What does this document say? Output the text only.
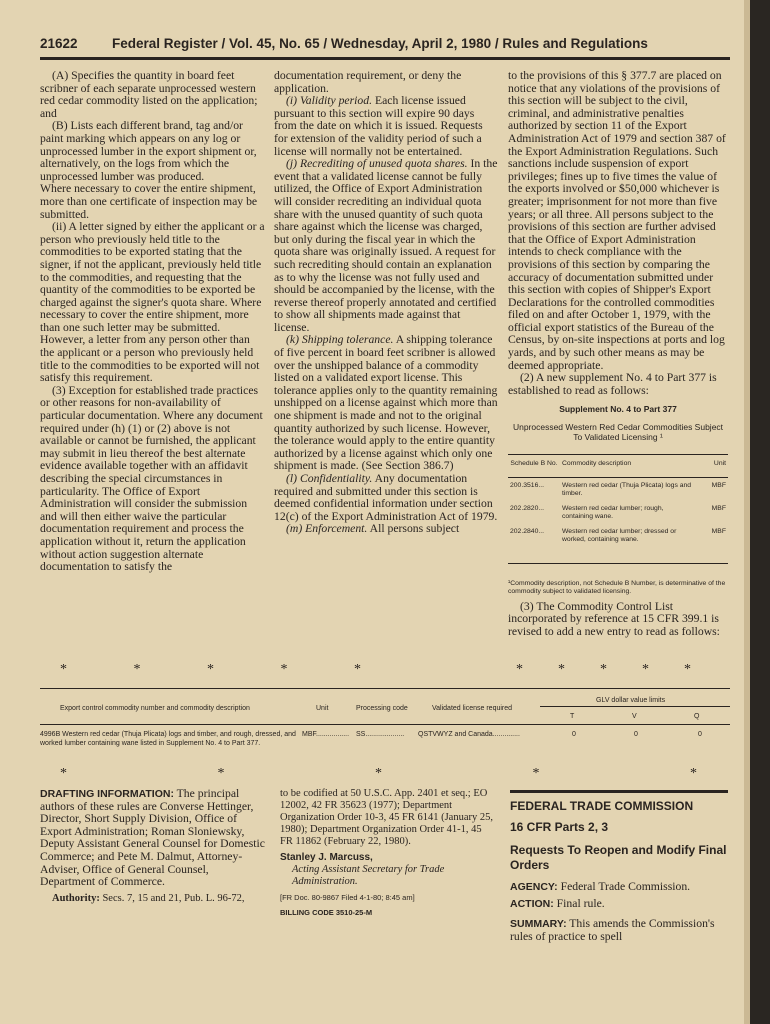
21622	Federal Register / Vol. 45, No. 65 / Wednesday, April 2, 1980 / Rules and Regulations

(A) Specifies the quantity in board feet scribner of each separate unprocessed western red cedar commodity listed on the application; and

(B) Lists each different brand, tag and/or paint marking which appears on any log or unprocessed lumber in the export shipment or, alternatively, on the logs from which the unprocessed lumber was produced.

Where necessary to cover the entire shipment, more than one certificate of inspection may be submitted.

(ii) A letter signed by either the applicant or a person who previously held title to the commodities to be exported stating that the signer, if not the applicant, previously held title to the commodities, and requesting that the quantity of the commodities to be exported be charged against the signer's quota share. Where necessary to cover the entire shipment, more than one such letter may be submitted. However, a letter from any person other than the applicant or a person who previously held title to the commodities to be exported will not satisfy this requirement.

(3) Exception for established trade practices or other reasons for non-availability of particular documentation. Where any document required under (h) (1) or (2) above is not available or cannot be furnished, the applicant may submit in lieu thereof the best alternate evidence available together with an affidavit describing the special circumstances in particularity. The Office of Export Administration will consider the submission and will then either waive the particular documentation requirement and process the application without it, return the application without action suggestion alternate documentation to satisfy the

documentation requirement, or deny the application.

(i) Validity period. Each license issued pursuant to this section will expire 90 days from the date on which it is issued. Requests for extension of the validity period of such a license will normally not be entertained.

(j) Recrediting of unused quota shares. In the event that a validated license cannot be fully utilized, the Office of Export Administration will consider recrediting an individual quota share with the unused quantity of such quota share against which the license was charged, but only during the fiscal year in which the quota share was originally issued. A request for such recrediting should contain an explanation as to why the license was not fully used and should be accompanied by the license, with the reverse thereof properly annotated and certified to show all shipments made against that license.

(k) Shipping tolerance. A shipping tolerance of five percent in board feet scribner is allowed over the unshipped balance of a commodity listed on a validated export license. This tolerance applies only to the quantity remaining unshipped on a license against which more than one shipment is made and not to the original quantity authorized by such license. However, the tolerance would apply to the entire quantity authorized by a license against which only one shipment is made. (See Section 386.7)

(l) Confidentiality. Any documentation required and submitted under this section is deemed confidential information under section 12(c) of the Export Administration Act of 1979.

(m) Enforcement. All persons subject

to the provisions of this § 377.7 are placed on notice that any violations of the provisions of this section will be subject to the civil, criminal, and administrative penalties authorized by section 11 of the Export Administration Act of 1979 and section 387 of the Export Administration Regulations. Such sanctions include suspension of export privileges; fines up to five times the value of the exports involved or $50,000 whichever is greater; imprisonment for not more than five years; or all three. All persons subject to the provisions of this section are further advised that the Office of Export Administration intends to check compliance with the provisions of this section by comparing the accuracy of documentation submitted under this section with copies of Shipper's Export Declarations for the controlled commodities filed on and after October 1, 1979, with the official export statistics of the Bureau of the Census, by on-site inspections at ports and log yards, and by such other means as may be deemed appropriate.

(2) A new supplement No. 4 to Part 377 is established to read as follows:

Supplement No. 4 to Part 377
Unprocessed Western Red Cedar Commodities Subject To Validated Licensing ¹
Schedule B No.	Commodity description	Unit
200.3516...	Western red cedar (Thuja Plicata) logs and timber.	MBF
202.2820...	Western red cedar lumber; rough, containing wane.	MBF
202.2840...	Western red cedar lumber; dressed or worked, containing wane.	MBF
¹Commodity description, not Schedule B Number, is determinative of the commodity subject to validated licensing.

(3) The Commodity Control List incorporated by reference at 15 CFR 399.1 is revised to add a new entry to read as follows:

*                   *                   *                   *                   *	*          *          *          *          *
Export control commodity number and commodity description	Unit	Processing code	Validated license required
GLV dollar value limits
T	V	Q
4996B Western red cedar (Thuja Plicata) logs and timber, and rough, dressed, and worked lumber containing wane listed in Supplement No. 4 to Part 377.
MBF................. SS.................... QSTVWYZ and Canada..............	0	0	0
*                                           *                                           *                                           *                                           *

DRAFTING INFORMATION: The principal authors of these rules are Converse Hettinger, Director, Short Supply Division, Office of Export Administration; Roman Sloniewsky, Deputy Assistant General Counsel for Domestic Commerce; and Pete M. Dalmut, Attorney-Adviser, Office of General Counsel, Department of Commerce.

Authority: Secs. 7, 15 and 21, Pub. L. 96-72,

to be codified at 50 U.S.C. App. 2401 et seq.; EO 12002, 42 FR 35623 (1977); Department Organization Order 10-3, 45 FR 6141 (January 25, 1980); Department Organization Order 41-1, 45 FR 11862 (February 22, 1980).

Stanley J. Marcuss,

Acting Assistant Secretary for Trade Administration.

[FR Doc. 80-9867 Filed 4-1-80; 8:45 am]

BILLING CODE 3510-25-M

FEDERAL TRADE COMMISSION
16 CFR Parts 2, 3
Requests To Reopen and Modify Final Orders

AGENCY: Federal Trade Commission.

ACTION: Final rule.

SUMMARY: This amends the Commission's rules of practice to spell
